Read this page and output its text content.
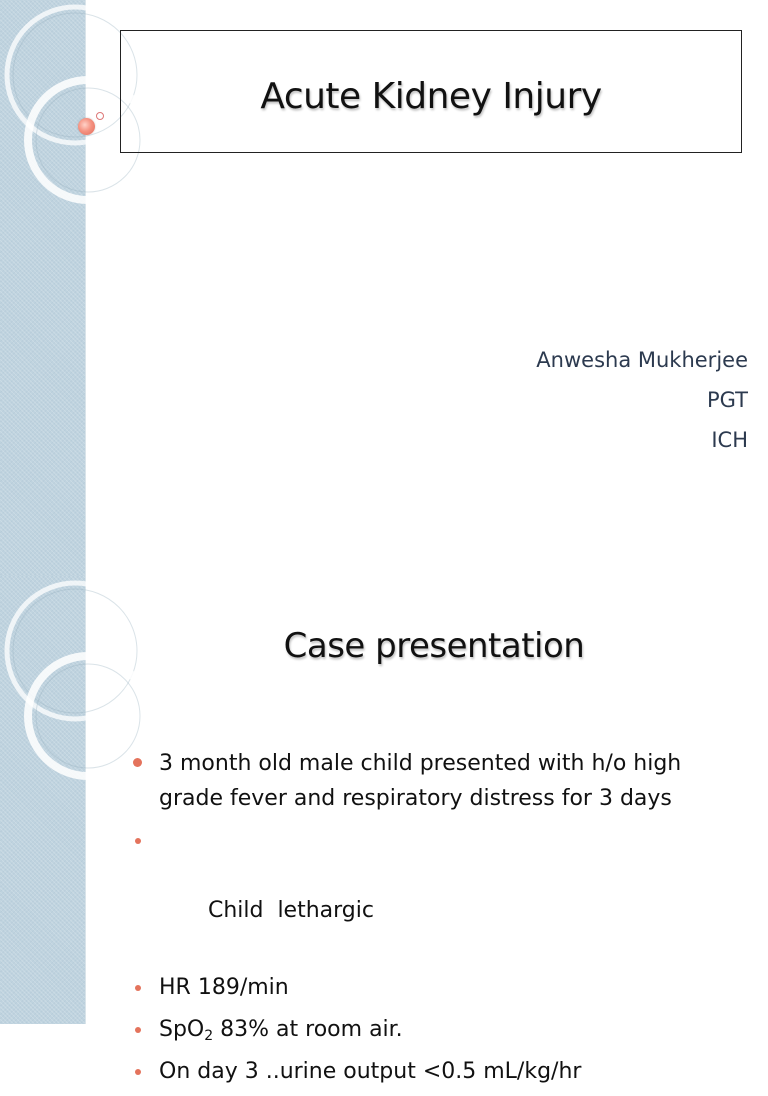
Acute Kidney Injury
Anwesha Mukherjee
PGT
ICH
Case presentation
3 month old male child presented with h/o high grade fever and respiratory distress for 3 days

Child  lethargic

HR 189/min
SpO$_2$ 83% at room air.
On day 3 ..urine output <0.5 mL/kg/hr
